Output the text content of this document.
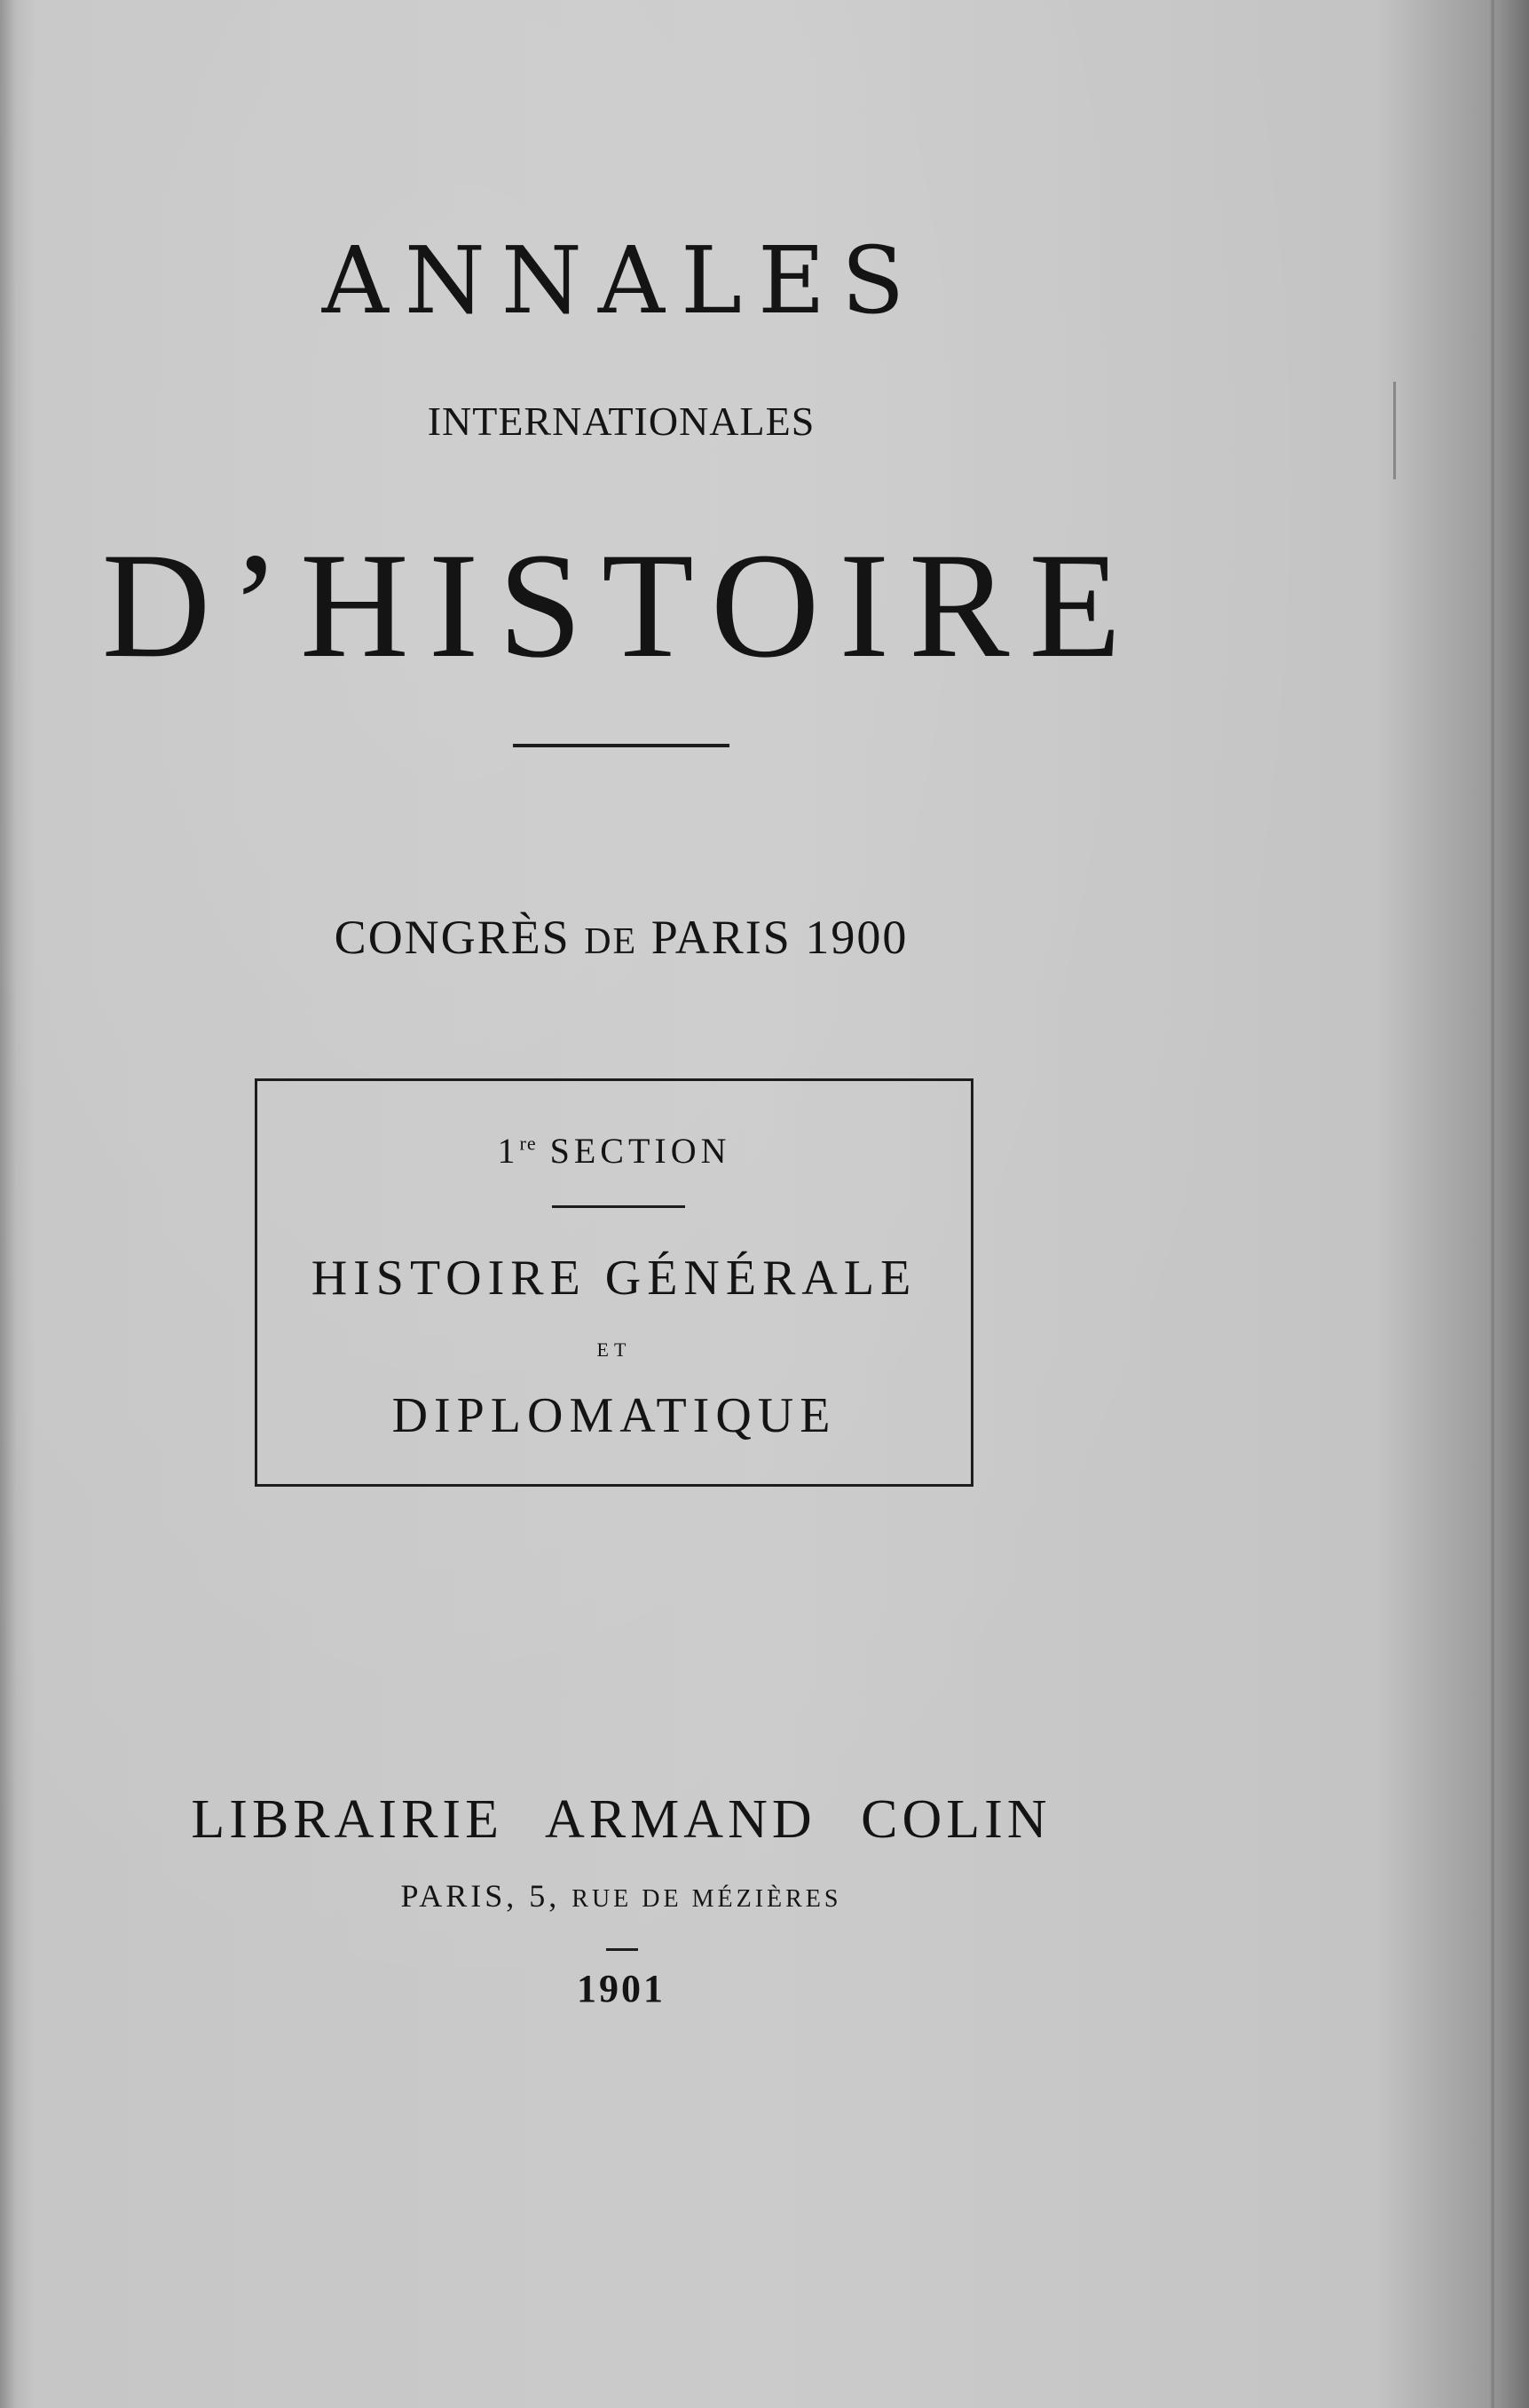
ANNALES
INTERNATIONALES
D’HISTOIRE
CONGRÈS DE PARIS 1900
1re SECTION
HISTOIRE GÉNÉRALE
ET
DIPLOMATIQUE
LIBRAIRIE ARMAND COLIN
PARIS, 5, RUE DE MÉZIÈRES
1901
